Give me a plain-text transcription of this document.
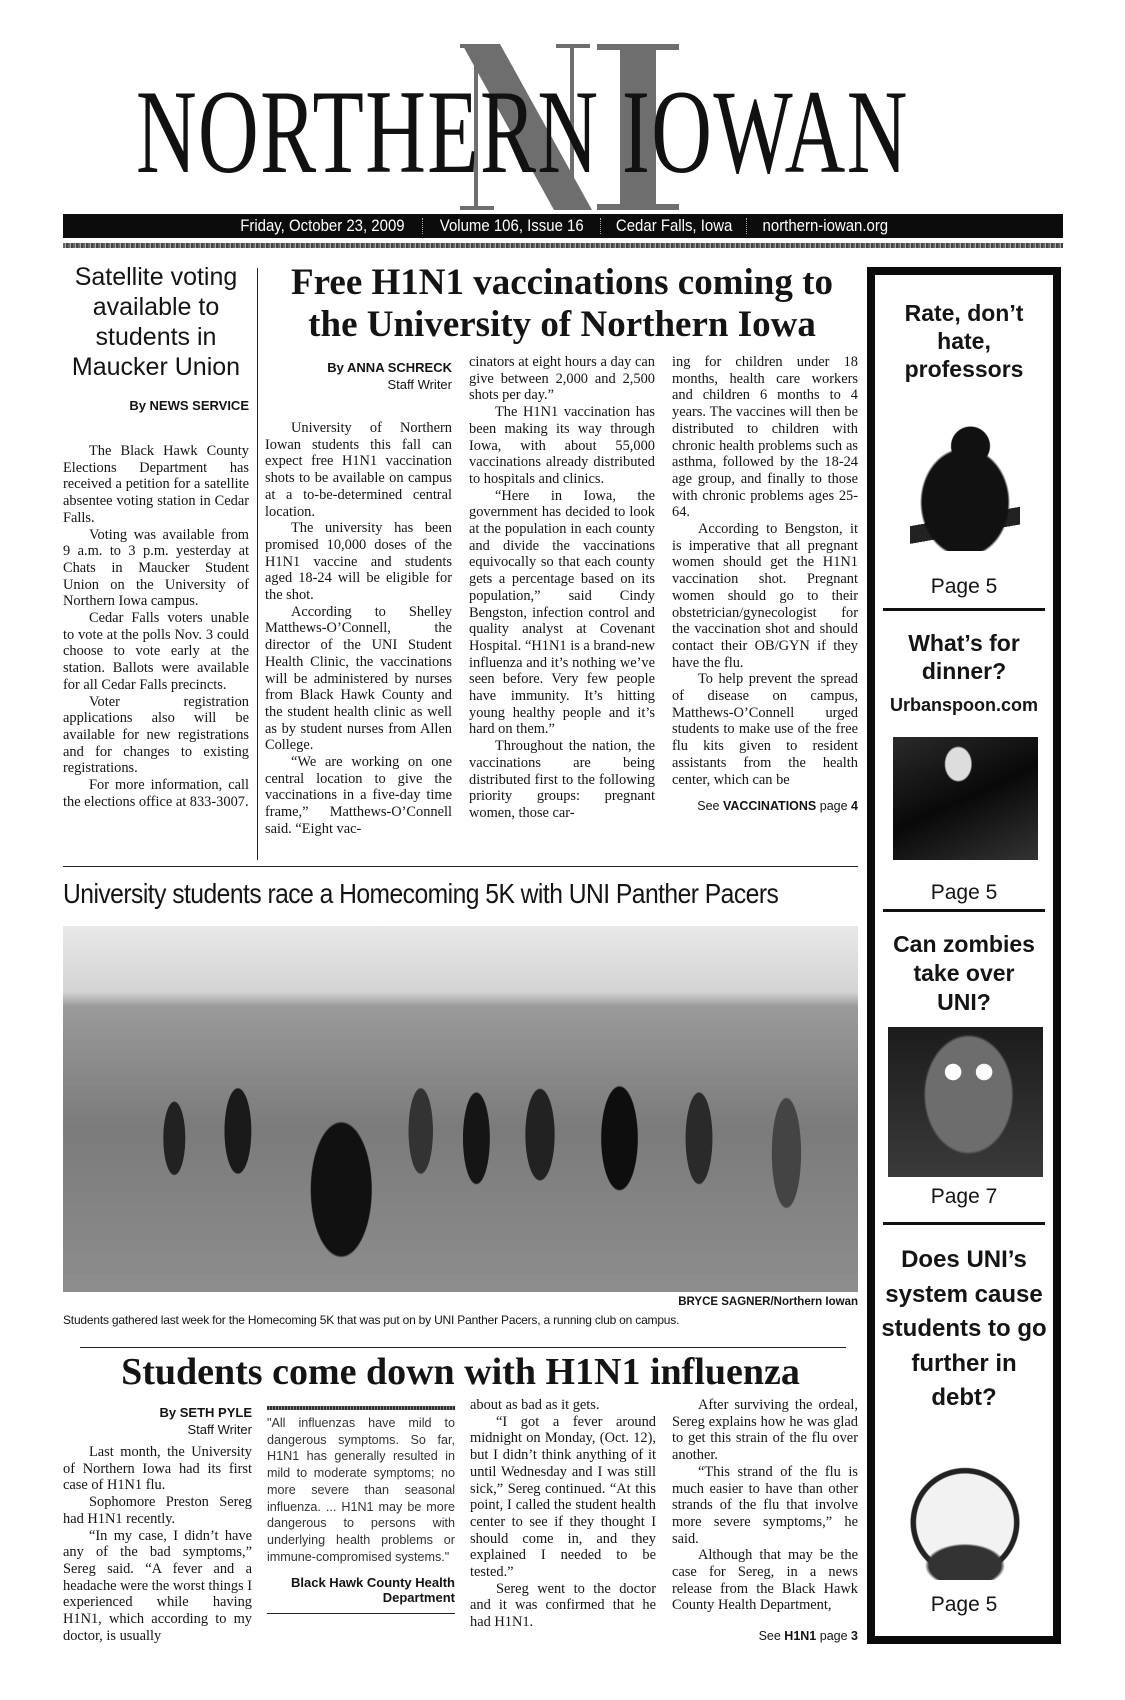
NORTHERN IOWAN
Friday, October 23, 2009 Volume 106, Issue 16 Cedar Falls, Iowa northern-iowan.org
Satellite voting available to students in Maucker Union
By NEWS SERVICE

The Black Hawk County Elections Department has received a petition for a satellite absentee voting station in Cedar Falls.

Voting was available from 9 a.m. to 3 p.m. yesterday at Chats in Maucker Student Union on the University of Northern Iowa campus.

Cedar Falls voters unable to vote at the polls Nov. 3 could choose to vote early at the station. Ballots were available for all Cedar Falls precincts.

Voter registration applications also will be available for new registrations and for changes to existing registrations.

For more information, call the elections office at 833-3007.

Free H1N1 vaccinations coming to the University of Northern Iowa
By ANNA SCHRECK
Staff Writer

University of Northern Iowan students this fall can expect free H1N1 vaccination shots to be available on campus at a to-be-determined central location.

The university has been promised 10,000 doses of the H1N1 vaccine and students aged 18-24 will be eligible for the shot.

According to Shelley Matthews-O’Connell, the director of the UNI Student Health Clinic, the vaccinations will be administered by nurses from Black Hawk County and the student health clinic as well as by student nurses from Allen College.

“We are working on one central location to give the vaccinations in a five-day time frame,” Matthews-O’Connell said. “Eight vac-

cinators at eight hours a day can give between 2,000 and 2,500 shots per day.”

The H1N1 vaccination has been making its way through Iowa, with about 55,000 vaccinations already distributed to hospitals and clinics.

“Here in Iowa, the government has decided to look at the population in each county and divide the vaccinations equivocally so that each county gets a percentage based on its population,” said Cindy Bengston, infection control and quality analyst at Covenant Hospital. “H1N1 is a brand-new influenza and it’s nothing we’ve seen before. Very few people have immunity. It’s hitting young healthy people and it’s hard on them.”

Throughout the nation, the vaccinations are being distributed first to the following priority groups: pregnant women, those car-

ing for children under 18 months, health care workers and children 6 months to 4 years. The vaccines will then be distributed to children with chronic health problems such as asthma, followed by the 18-24 age group, and finally to those with chronic problems ages 25-64.

According to Bengston, it is imperative that all pregnant women should get the H1N1 vaccination shot. Pregnant women should go to their obstetrician/gynecologist for the vaccination shot and should contact their OB/GYN if they have the flu.

To help prevent the spread of disease on campus, Matthews-O’Connell urged students to make use of the free flu kits given to resident assistants from the health center, which can be

See VACCINATIONS page 4
University students race a Homecoming 5K with UNI Panther Pacers
BRYCE SAGNER/Northern Iowan
Students gathered last week for the Homecoming 5K that was put on by UNI Panther Pacers, a running club on campus.
Students come down with H1N1 influenza
By SETH PYLE
Staff Writer

Last month, the University of Northern Iowa had its first case of H1N1 flu.

Sophomore Preston Sereg had H1N1 recently.

“In my case, I didn’t have any of the bad symptoms,” Sereg said. “A fever and a headache were the worst things I experienced while having H1N1, which according to my doctor, is usually

"All influenzas have mild to dangerous symptoms. So far, H1N1 has generally resulted in mild to moderate symptoms; no more severe than seasonal influenza. ... H1N1 may be more dangerous to persons with underlying health problems or immune-compromised systems."
Black Hawk County Health Department

about as bad as it gets.

“I got a fever around midnight on Monday, (Oct. 12), but I didn’t think anything of it until Wednesday and I was still sick,” Sereg continued. “At this point, I called the student health center to see if they thought I should come in, and they explained I needed to be tested.”

Sereg went to the doctor and it was confirmed that he had H1N1.

After surviving the ordeal, Sereg explains how he was glad to get this strain of the flu over another.

“This strand of the flu is much easier to have than other strands of the flu that involve more severe symptoms,” he said.

Although that may be the case for Sereg, in a news release from the Black Hawk County Health Department,

See H1N1 page 3
Rate, don’t hate, professors
Page 5
What’s for dinner?
Urbanspoon.com
Page 5
Can zombies take over UNI?
Page 7
Does UNI’s system cause students to go further in debt?
Page 5
